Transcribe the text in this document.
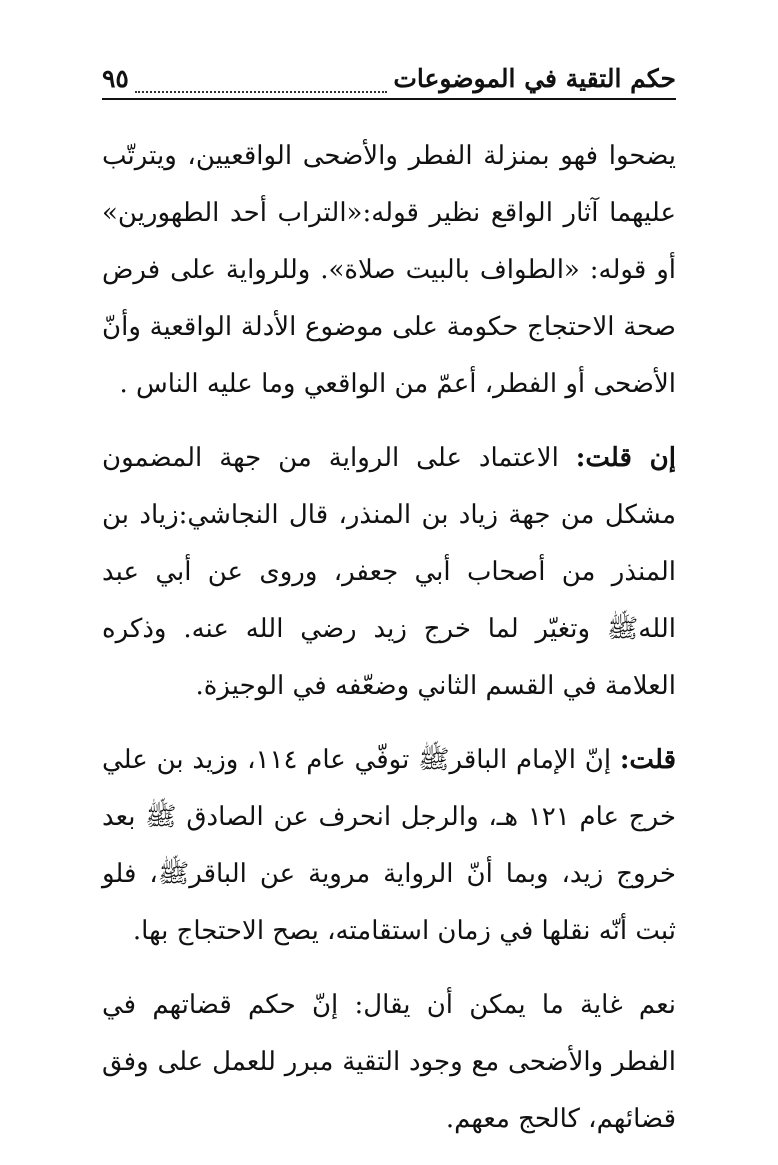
حكم التقية في الموضوعات
٩٥

يضحوا فهو بمنزلة الفطر والأضحى الواقعيين، ويترتّب عليهما آثار الواقع نظير قوله:«التراب أحد الطهورين» أو قوله: «الطواف بالبيت صلاة». وللرواية على فرض صحة الاحتجاج حكومة على موضوع الأدلة الواقعية وأنّ الأضحى أو الفطر، أعمّ من الواقعي وما عليه الناس .

إن قلت: الاعتماد على الرواية من جهة المضمون مشكل من جهة زياد بن المنذر، قال النجاشي:زياد بن المنذر من أصحاب أبي جعفر، وروى عن أبي عبد اللهﷺ وتغيّر لما خرج زيد رضي الله عنه. وذكره العلامة في القسم الثاني وضعّفه في الوجيزة.

قلت: إنّ الإمام الباقرﷺ توفّي عام ١١٤، وزيد بن علي خرج عام ١٢١ هـ، والرجل انحرف عن الصادق ﷺ بعد خروج زيد، وبما أنّ الرواية مروية عن الباقرﷺ، فلو ثبت أنّه نقلها في زمان استقامته، يصح الاحتجاج بها.

نعم غاية ما يمكن أن يقال: إنّ حكم قضاتهم في الفطر والأضحى مع وجود التقية مبرر للعمل على وفق قضائهم، كالحج معهم.
